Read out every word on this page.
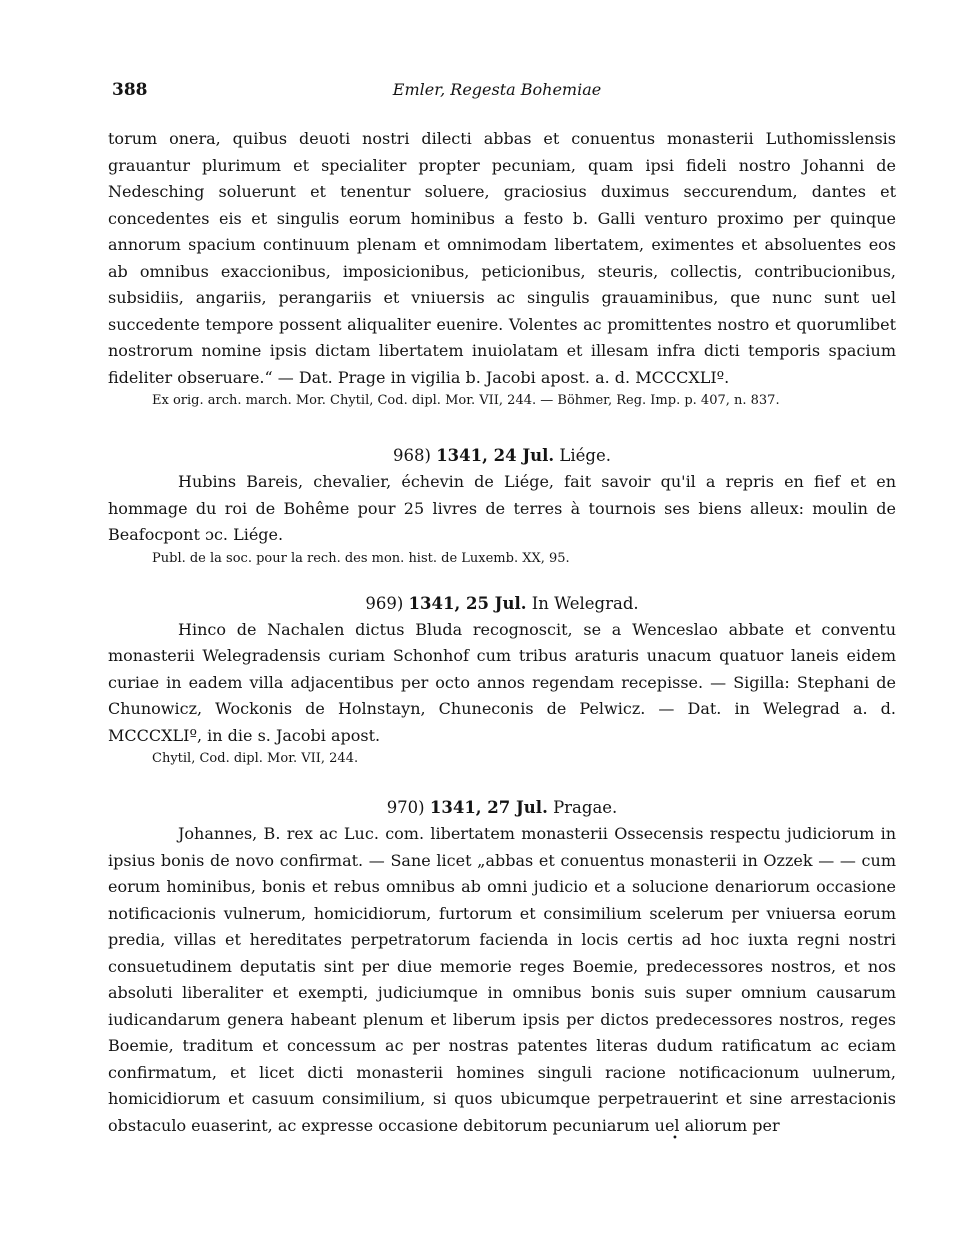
388	Emler, Regesta Bohemiae

torum onera, quibus deuoti nostri dilecti abbas et conuentus monasterii Luthomisslensis grauantur plurimum et specialiter propter pecuniam, quam ipsi fideli nostro Johanni de Nedesching soluerunt et tenentur soluere, graciosius duximus seccurendum, dantes et concedentes eis et singulis eorum hominibus a festo b. Galli venturo proximo per quinque annorum spacium continuum plenam et omnimodam libertatem, eximentes et absoluentes eos ab omnibus exaccionibus, imposicionibus, peticionibus, steuris, collectis, contribucionibus, subsidiis, angariis, perangariis et vniuersis ac singulis grauaminibus, que nunc sunt uel succedente tempore possent aliqualiter euenire. Volentes ac promittentes nostro et quorumlibet nostrorum nomine ipsis dictam libertatem inuiolatam et illesam infra dicti temporis spacium fideliter obseruare.“ — Dat. Prage in vigilia b. Jacobi apost. a. d. MCCCXLIº.

Ex orig. arch. march. Mor. Chytil, Cod. dipl. Mor. VII, 244. — Böhmer, Reg. Imp. p. 407, n. 837.
968) 1341, 24 Jul. Liége.

Hubins Bareis, chevalier, échevin de Liége, fait savoir qu'il a repris en fief et en hommage du roi de Bohême pour 25 livres de terres à tournois ses biens alleux: moulin de Beafocpont ɔc. Liége.

Publ. de la soc. pour la rech. des mon. hist. de Luxemb. XX, 95.
969) 1341, 25 Jul. In Welegrad.

Hinco de Nachalen dictus Bluda recognoscit, se a Wenceslao abbate et conventu monasterii Welegradensis curiam Schonhof cum tribus araturis unacum quatuor laneis eidem curiae in eadem villa adjacentibus per octo annos regendam recepisse. — Sigilla: Stephani de Chunowicz, Wockonis de Holnstayn, Chuneconis de Pelwicz. — Dat. in Welegrad a. d. MCCCXLIº, in die s. Jacobi apost.

Chytil, Cod. dipl. Mor. VII, 244.
970) 1341, 27 Jul. Pragae.

Johannes, B. rex ac Luc. com. libertatem monasterii Ossecensis respectu judiciorum in ipsius bonis de novo confirmat. — Sane licet „abbas et conuentus monasterii in Ozzek — — cum eorum hominibus, bonis et rebus omnibus ab omni judicio et a solucione denariorum occasione notificacionis vulnerum, homicidiorum, furtorum et consimilium scelerum per vniuersa eorum predia, villas et hereditates perpetratorum facienda in locis certis ad hoc iuxta regni nostri consuetudinem deputatis sint per diue memorie reges Boemie, predecessores nostros, et nos absoluti liberaliter et exempti, judiciumque in omnibus bonis suis super omnium causarum iudicandarum genera habeant plenum et liberum ipsis per dictos predecessores nostros, reges Boemie, traditum et concessum ac per nostras patentes literas dudum ratificatum ac eciam confirmatum, et licet dicti monasterii homines singuli racione notificacionum uulnerum, homicidiorum et casuum consimilium, si quos ubicumque perpetrauerint et sine arrestacionis obstaculo euaserint, ac expresse occasione debitorum pecuniarum uel aliorum per

•
